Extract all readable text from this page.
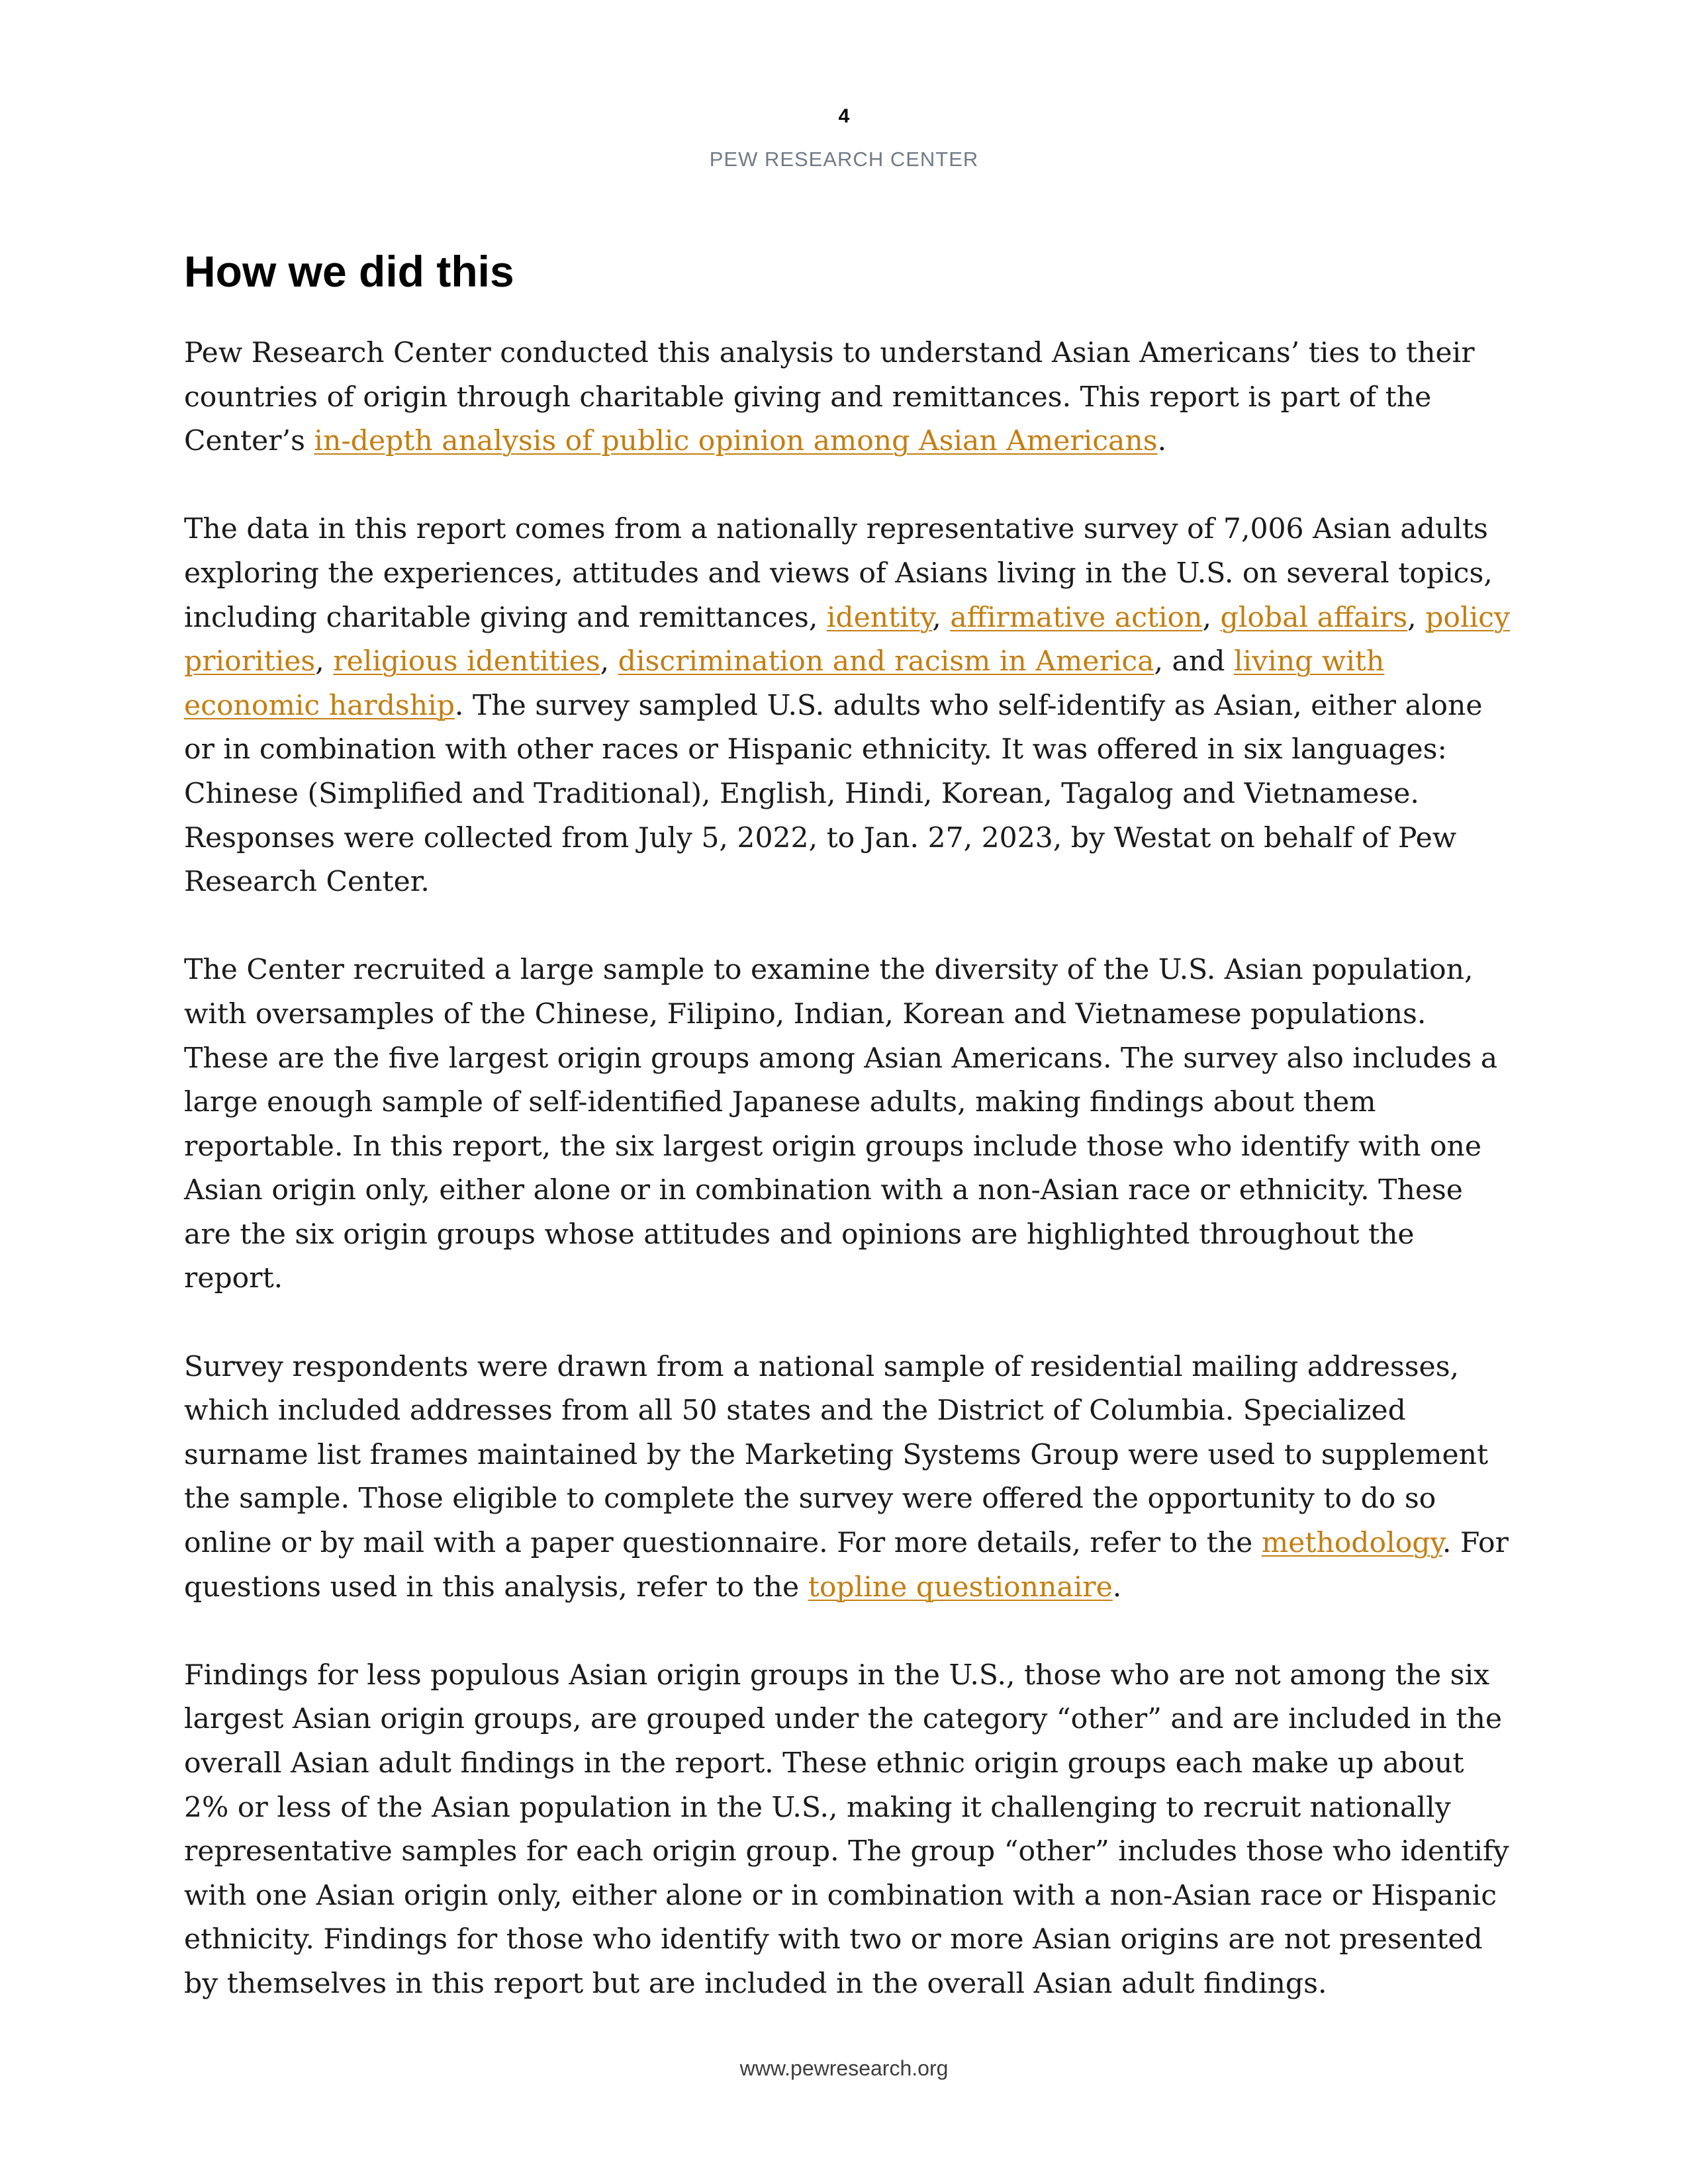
4
PEW RESEARCH CENTER
How we did this

Pew Research Center conducted this analysis to understand Asian Americans’ ties to their countries of origin through charitable giving and remittances. This report is part of the Center’s in-depth analysis of public opinion among Asian Americans.

The data in this report comes from a nationally representative survey of 7,006 Asian adults exploring the experiences, attitudes and views of Asians living in the U.S. on several topics, including charitable giving and remittances, identity, affirmative action, global affairs, policy priorities, religious identities, discrimination and racism in America, and living with economic hardship. The survey sampled U.S. adults who self-identify as Asian, either alone or in combination with other races or Hispanic ethnicity. It was offered in six languages: Chinese (Simplified and Traditional), English, Hindi, Korean, Tagalog and Vietnamese. Responses were collected from July 5, 2022, to Jan. 27, 2023, by Westat on behalf of Pew Research Center.

The Center recruited a large sample to examine the diversity of the U.S. Asian population, with oversamples of the Chinese, Filipino, Indian, Korean and Vietnamese populations. These are the five largest origin groups among Asian Americans. The survey also includes a large enough sample of self-identified Japanese adults, making findings about them reportable. In this report, the six largest origin groups include those who identify with one Asian origin only, either alone or in combination with a non-Asian race or ethnicity. These are the six origin groups whose attitudes and opinions are highlighted throughout the report.

Survey respondents were drawn from a national sample of residential mailing addresses, which included addresses from all 50 states and the District of Columbia. Specialized surname list frames maintained by the Marketing Systems Group were used to supplement the sample. Those eligible to complete the survey were offered the opportunity to do so online or by mail with a paper questionnaire. For more details, refer to the methodology. For questions used in this analysis, refer to the topline questionnaire.

Findings for less populous Asian origin groups in the U.S., those who are not among the six largest Asian origin groups, are grouped under the category “other” and are included in the overall Asian adult findings in the report. These ethnic origin groups each make up about 2% or less of the Asian population in the U.S., making it challenging to recruit nationally representative samples for each origin group. The group “other” includes those who identify with one Asian origin only, either alone or in combination with a non-Asian race or Hispanic ethnicity. Findings for those who identify with two or more Asian origins are not presented by themselves in this report but are included in the overall Asian adult findings.

www.pewresearch.org
